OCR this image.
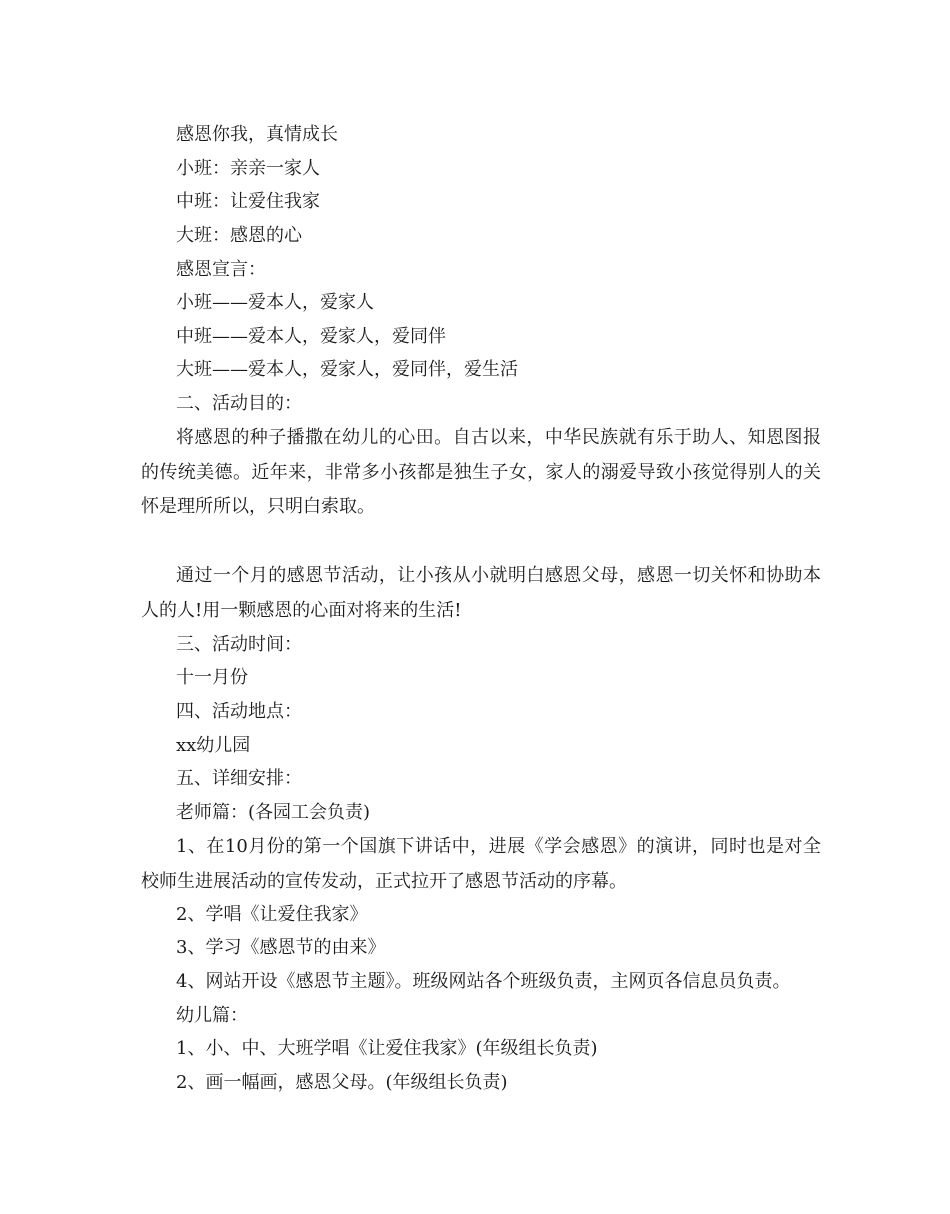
感恩你我，真情成长
小班：亲亲一家人
中班：让爱住我家
大班：感恩的心
感恩宣言：
小班——爱本人，爱家人
中班——爱本人，爱家人，爱同伴
大班——爱本人，爱家人，爱同伴，爱生活
二、活动目的：
将感恩的种子播撒在幼儿的心田。自古以来，中华民族就有乐于助人、知恩图报的传统美德。近年来，非常多小孩都是独生子女，家人的溺爱导致小孩觉得别人的关怀是理所所以，只明白索取。
通过一个月的感恩节活动，让小孩从小就明白感恩父母，感恩一切关怀和协助本人的人!用一颗感恩的心面对将来的生活!
三、活动时间：
十一月份
四、活动地点：
xx幼儿园
五、详细安排：
老师篇：(各园工会负责)
1、在10月份的第一个国旗下讲话中，进展《学会感恩》的演讲，同时也是对全校师生进展活动的宣传发动，正式拉开了感恩节活动的序幕。
2、学唱《让爱住我家》
3、学习《感恩节的由来》
4、网站开设《感恩节主题》。班级网站各个班级负责，主网页各信息员负责。
幼儿篇：
1、小、中、大班学唱《让爱住我家》(年级组长负责)
2、画一幅画，感恩父母。(年级组长负责)
